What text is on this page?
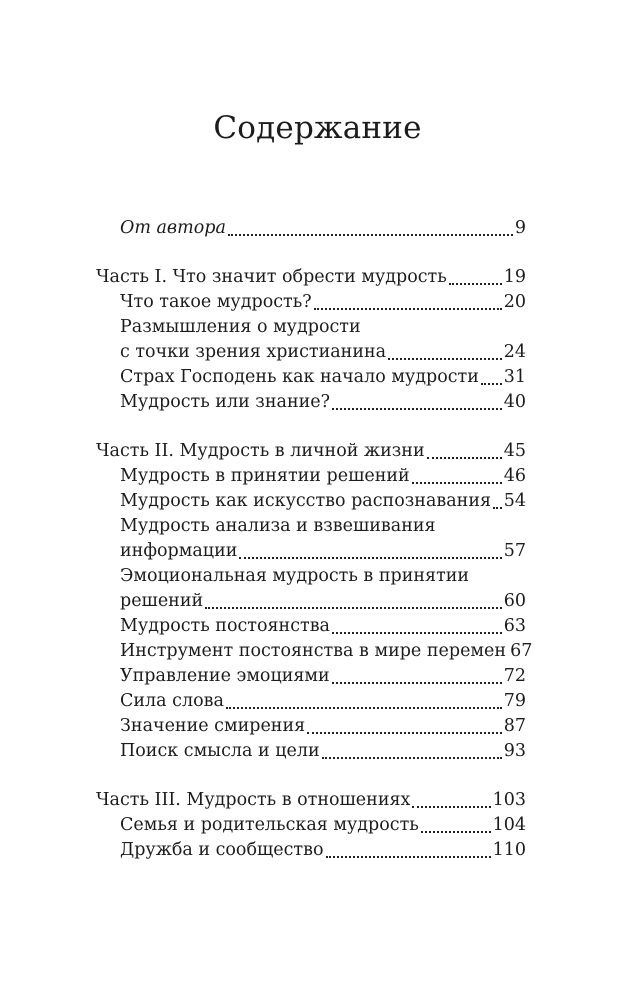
Содержание
От автора	9
Часть I. Что значит обрести мудрость	19
Что такое мудрость?	20
Размышления о мудрости
с точки зрения христианина	24
Страх Господень как начало мудрости 31
Мудрость или знание?	40
Часть II. Мудрость в личной жизни	45
Мудрость в принятии решений	46
Мудрость как искусство распознавания 54
Мудрость анализа и взвешивания
информации	57
Эмоциональная мудрость в принятии
решений	60
Мудрость постоянства	63
Инструмент постоянства в мире перемен 67
Управление эмоциями	72
Сила слова	79
Значение смирения	87
Поиск смысла и цели	93
Часть III. Мудрость в отношениях	103
Семья и родительская мудрость	104
Дружба и сообщество	110
